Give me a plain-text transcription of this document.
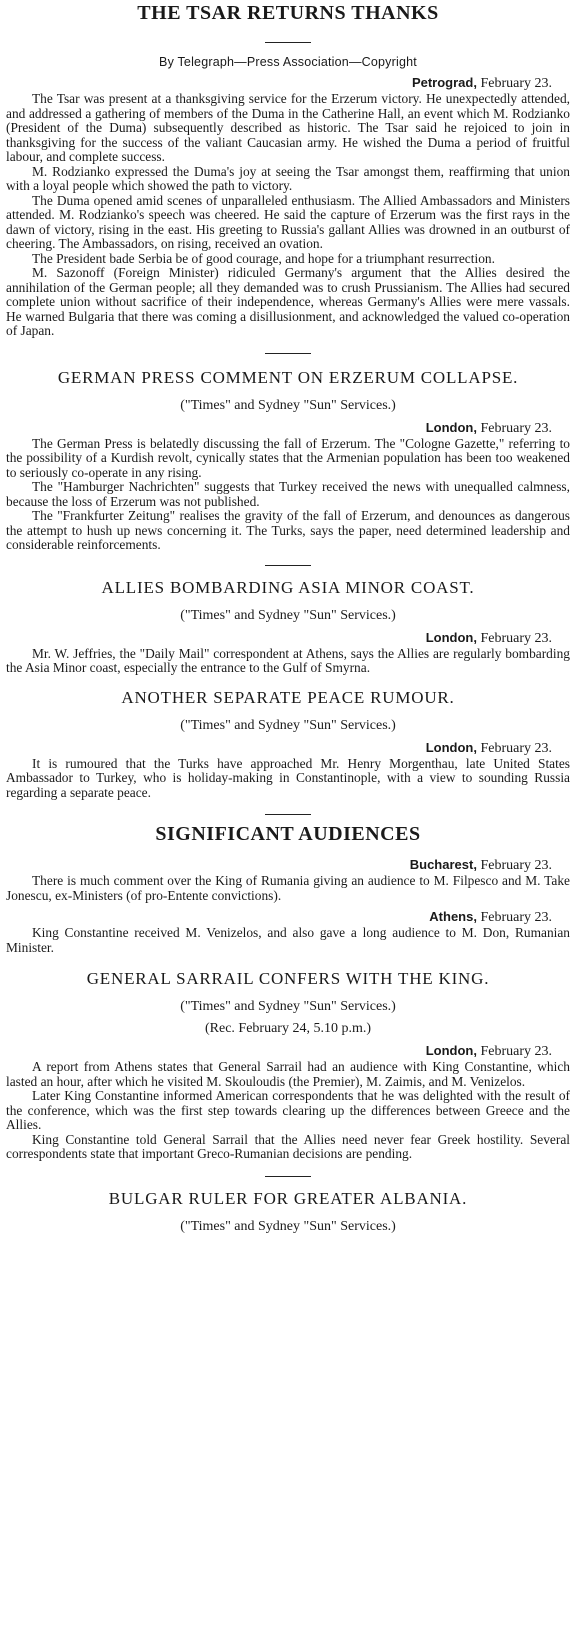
THE TSAR RETURNS THANKS
By Telegraph—Press Association—Copyright
Petrograd, February 23.

The Tsar was present at a thanksgiving service for the Erzerum victory. He unexpectedly attended, and addressed a gathering of members of the Duma in the Catherine Hall, an event which M. Rodzianko (President of the Duma) subsequently described as historic. The Tsar said he rejoiced to join in thanksgiving for the success of the valiant Caucasian army. He wished the Duma a period of fruitful labour, and complete success.

M. Rodzianko expressed the Duma's joy at seeing the Tsar amongst them, reaffirming that union with a loyal people which showed the path to victory.

The Duma opened amid scenes of unparalleled enthusiasm. The Allied Ambassadors and Ministers attended. M. Rodzianko's speech was cheered. He said the capture of Erzerum was the first rays in the dawn of victory, rising in the east. His greeting to Russia's gallant Allies was drowned in an outburst of cheering. The Ambassadors, on rising, received an ovation.

The President bade Serbia be of good courage, and hope for a triumphant resurrection.

M. Sazonoff (Foreign Minister) ridiculed Germany's argument that the Allies desired the annihilation of the German people; all they demanded was to crush Prussianism. The Allies had secured complete union without sacrifice of their independence, whereas Germany's Allies were mere vassals. He warned Bulgaria that there was coming a disillusionment, and acknowledged the valued co-operation of Japan.

GERMAN PRESS COMMENT ON ERZERUM COLLAPSE.
("Times" and Sydney "Sun" Services.)
London, February 23.

The German Press is belatedly discussing the fall of Erzerum. The "Cologne Gazette," referring to the possibility of a Kurdish revolt, cynically states that the Armenian population has been too weakened to seriously co-operate in any rising.

The "Hamburger Nachrichten" suggests that Turkey received the news with unequalled calmness, because the loss of Erzerum was not published.

The "Frankfurter Zeitung" realises the gravity of the fall of Erzerum, and denounces as dangerous the attempt to hush up news concerning it. The Turks, says the paper, need determined leadership and considerable reinforcements.

ALLIES BOMBARDING ASIA MINOR COAST.
("Times" and Sydney "Sun" Services.)
London, February 23.

Mr. W. Jeffries, the "Daily Mail" correspondent at Athens, says the Allies are regularly bombarding the Asia Minor coast, especially the entrance to the Gulf of Smyrna.

ANOTHER SEPARATE PEACE RUMOUR.
("Times" and Sydney "Sun" Services.)
London, February 23.

It is rumoured that the Turks have approached Mr. Henry Morgenthau, late United States Ambassador to Turkey, who is holiday-making in Constantinople, with a view to sounding Russia regarding a separate peace.

SIGNIFICANT AUDIENCES
Bucharest, February 23.

There is much comment over the King of Rumania giving an audience to M. Filpesco and M. Take Jonescu, ex-Ministers (of pro-Entente convictions).

Athens, February 23.

King Constantine received M. Venizelos, and also gave a long audience to M. Don, Rumanian Minister.

GENERAL SARRAIL CONFERS WITH THE KING.
("Times" and Sydney "Sun" Services.)
(Rec. February 24, 5.10 p.m.)
London, February 23.

A report from Athens states that General Sarrail had an audience with King Constantine, which lasted an hour, after which he visited M. Skouloudis (the Premier), M. Zaimis, and M. Venizelos.

Later King Constantine informed American correspondents that he was delighted with the result of the conference, which was the first step towards clearing up the differences between Greece and the Allies.

King Constantine told General Sarrail that the Allies need never fear Greek hostility. Several correspondents state that important Greco-Rumanian decisions are pending.

BULGAR RULER FOR GREATER ALBANIA.
("Times" and Sydney "Sun" Services.)
